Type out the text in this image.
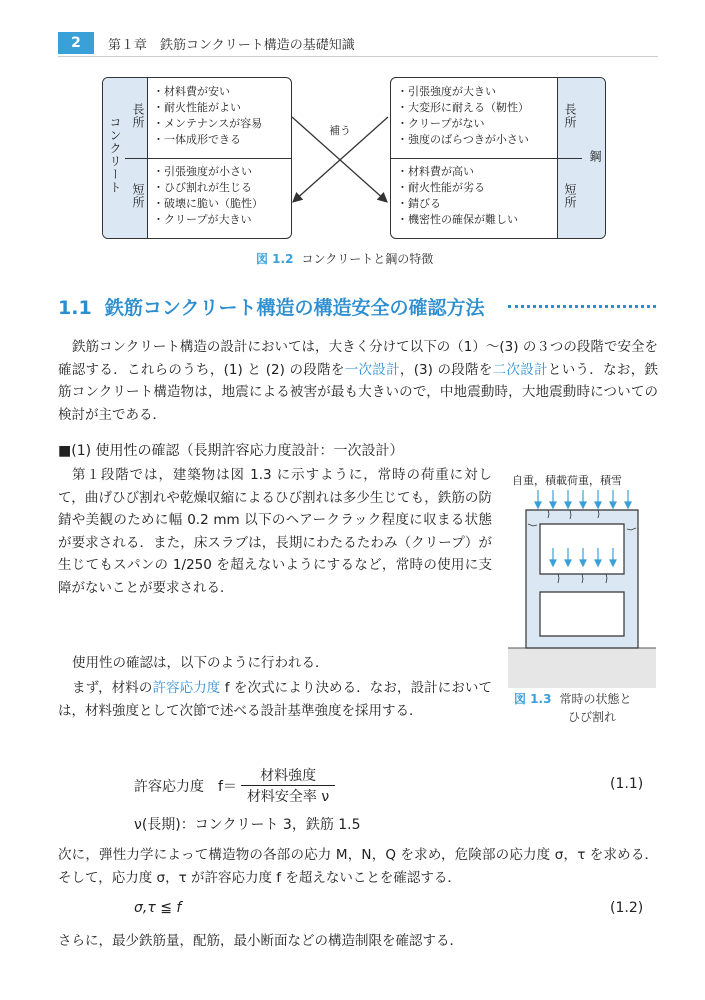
2	第１章　鉄筋コンクリート構造の基礎知識
コンクリート 長所
短所
・材料費が安い
・耐火性能がよい
・メンテナンスが容易
・一体成形できる
・引張強度が小さい
・ひび割れが生じる
・破壊に脆い（脆性）
・クリープが大きい
長所
短所
鋼
・引張強度が大きい
・大変形に耐える（靭性）
・クリープがない
・強度のばらつきが小さい
・材料費が高い
・耐火性能が劣る
・錆びる
・機密性の確保が難しい
補う
図 1.2 コンクリートと鋼の特徴
1.1 鉄筋コンクリート構造の構造安全の確認方法
鉄筋コンクリート構造の設計においては，大きく分けて以下の（1）～(3) の３つの段階で安全を確認する．これらのうち，(1) と (2) の段階を一次設計，(3) の段階を二次設計という．なお，鉄筋コンクリート構造物は，地震による被害が最も大きいので，中地震動時，大地震動時についての検討が主である．
■(1) 使用性の確認（長期許容応力度設計：一次設計）
第１段階では，建築物は図 1.3 に示すように，常時の荷重に対して，曲げひび割れや乾燥収縮によるひび割れは多少生じても，鉄筋の防錆や美観のために幅 0.2 mm 以下のヘアークラック程度に収まる状態が要求される．また，床スラブは，長期にわたるたわみ（クリープ）が生じてもスパンの 1/250 を超えないようにするなど，常時の使用に支障がないことが要求される．
使用性の確認は，以下のように行われる．
まず，材料の許容応力度 f を次式により決める．なお，設計においては，材料強度として次節で述べる設計基準強度を採用する．
自重，積載荷重，積雪
図 1.3 常時の状態と
ひび割れ
許容応力度　f＝
材料強度
材料安全率 ν
(1.1)
ν(長期)：コンクリート 3，鉄筋 1.5
次に，弾性力学によって構造物の各部の応力 M，N，Q を求め，危険部の応力度 σ，τ を求める．そして，応力度 σ，τ が許容応力度 f を超えないことを確認する．
σ,τ ≦ f	(1.2)
さらに，最少鉄筋量，配筋，最小断面などの構造制限を確認する．
